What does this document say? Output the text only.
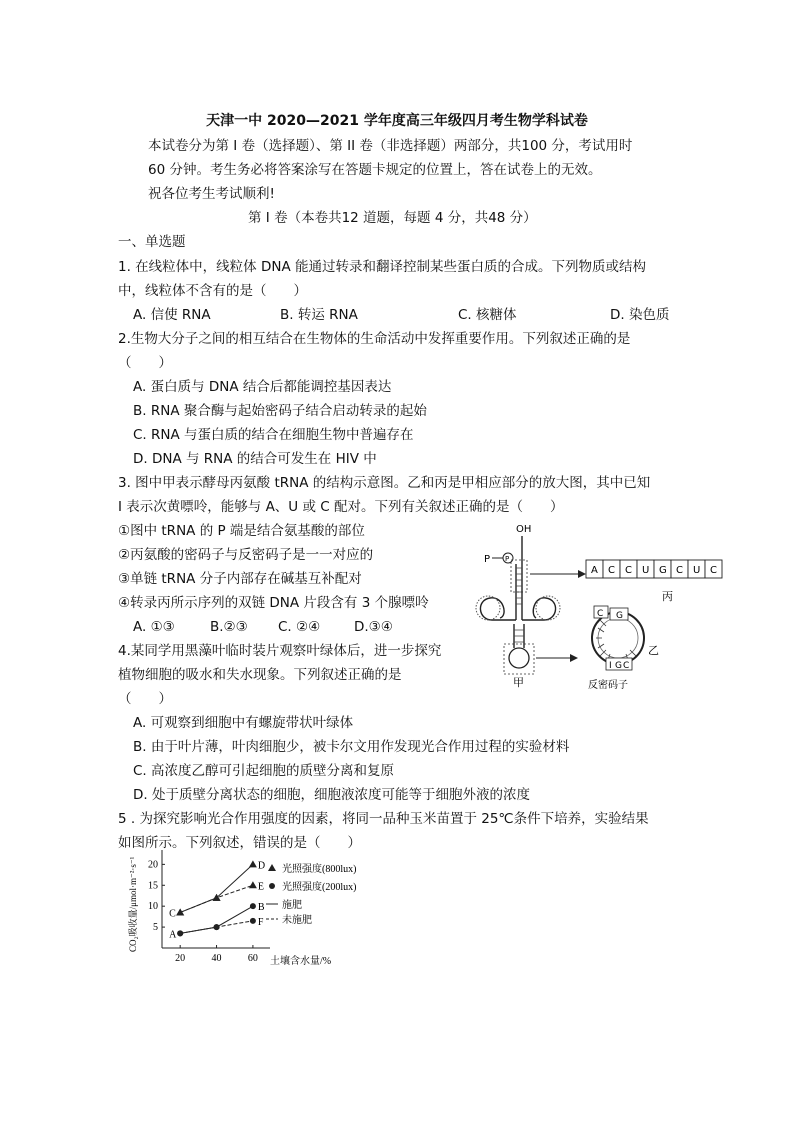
天津一中 2020—2021 学年度高三年级四月考生物学科试卷
本试卷分为第 I 卷（选择题）、第 II 卷（非选择题）两部分，共100 分，考试用时
60 分钟。考生务必将答案涂写在答题卡规定的位置上，答在试卷上的无效。
祝各位考生考试顺利!
第 I 卷（本卷共12 道题，每题 4 分，共48 分）
一、单选题
1. 在线粒体中，线粒体 DNA 能通过转录和翻译控制某些蛋白质的合成。下列物质或结构
中，线粒体不含有的是（　　）
A. 信使 RNA	B. 转运 RNA	C. 核糖体	D. 染色质
2.生物大分子之间的相互结合在生物体的生命活动中发挥重要作用。下列叙述正确的是
（　　）
A. 蛋白质与 DNA 结合后都能调控基因表达
B. RNA 聚合酶与起始密码子结合启动转录的起始
C. RNA 与蛋白质的结合在细胞生物中普遍存在
D. DNA 与 RNA 的结合可发生在 HIV 中
3. 图中甲表示酵母丙氨酸 tRNA 的结构示意图。乙和丙是甲相应部分的放大图，其中已知
I 表示次黄嘌呤，能够与 A、U 或 C 配对。下列有关叙述正确的是（　　）
①图中 tRNA 的 P 端是结合氨基酸的部位
②丙氨酸的密码子与反密码子是一一对应的
③单链 tRNA 分子内部存在碱基互补配对
④转录丙所示序列的双链 DNA 片段含有 3 个腺嘌呤
A. ①③	B.②③ C. ②④	D.③④
4.某同学用黑藻叶临时装片观察叶绿体后，进一步探究
植物细胞的吸水和失水现象。下列叙述正确的是
（　　）
A. 可观察到细胞中有螺旋带状叶绿体
B. 由于叶片薄，叶肉细胞少，被卡尔文用作发现光合作用过程的实验材料
C. 高浓度乙醇可引起细胞的质壁分离和复原
D. 处于质壁分离状态的细胞，细胞液浓度可能等于细胞外液的浓度
5 . 为探究影响光合作用强度的因素，将同一品种玉米苗置于 25℃条件下培养，实验结果
如图所示。下列叙述，错误的是（　　）
OH
P P
甲
A C C U G C U C
丙
C G
I G C
乙
反密码子
5
10
15
20
20	40	60 土壤含水量/%
CO₂吸收量/μmol·m⁻²·s⁻¹	C
D
E
A
B
F
光照强度(800lux)
光照强度(200lux)
施肥
未施肥
